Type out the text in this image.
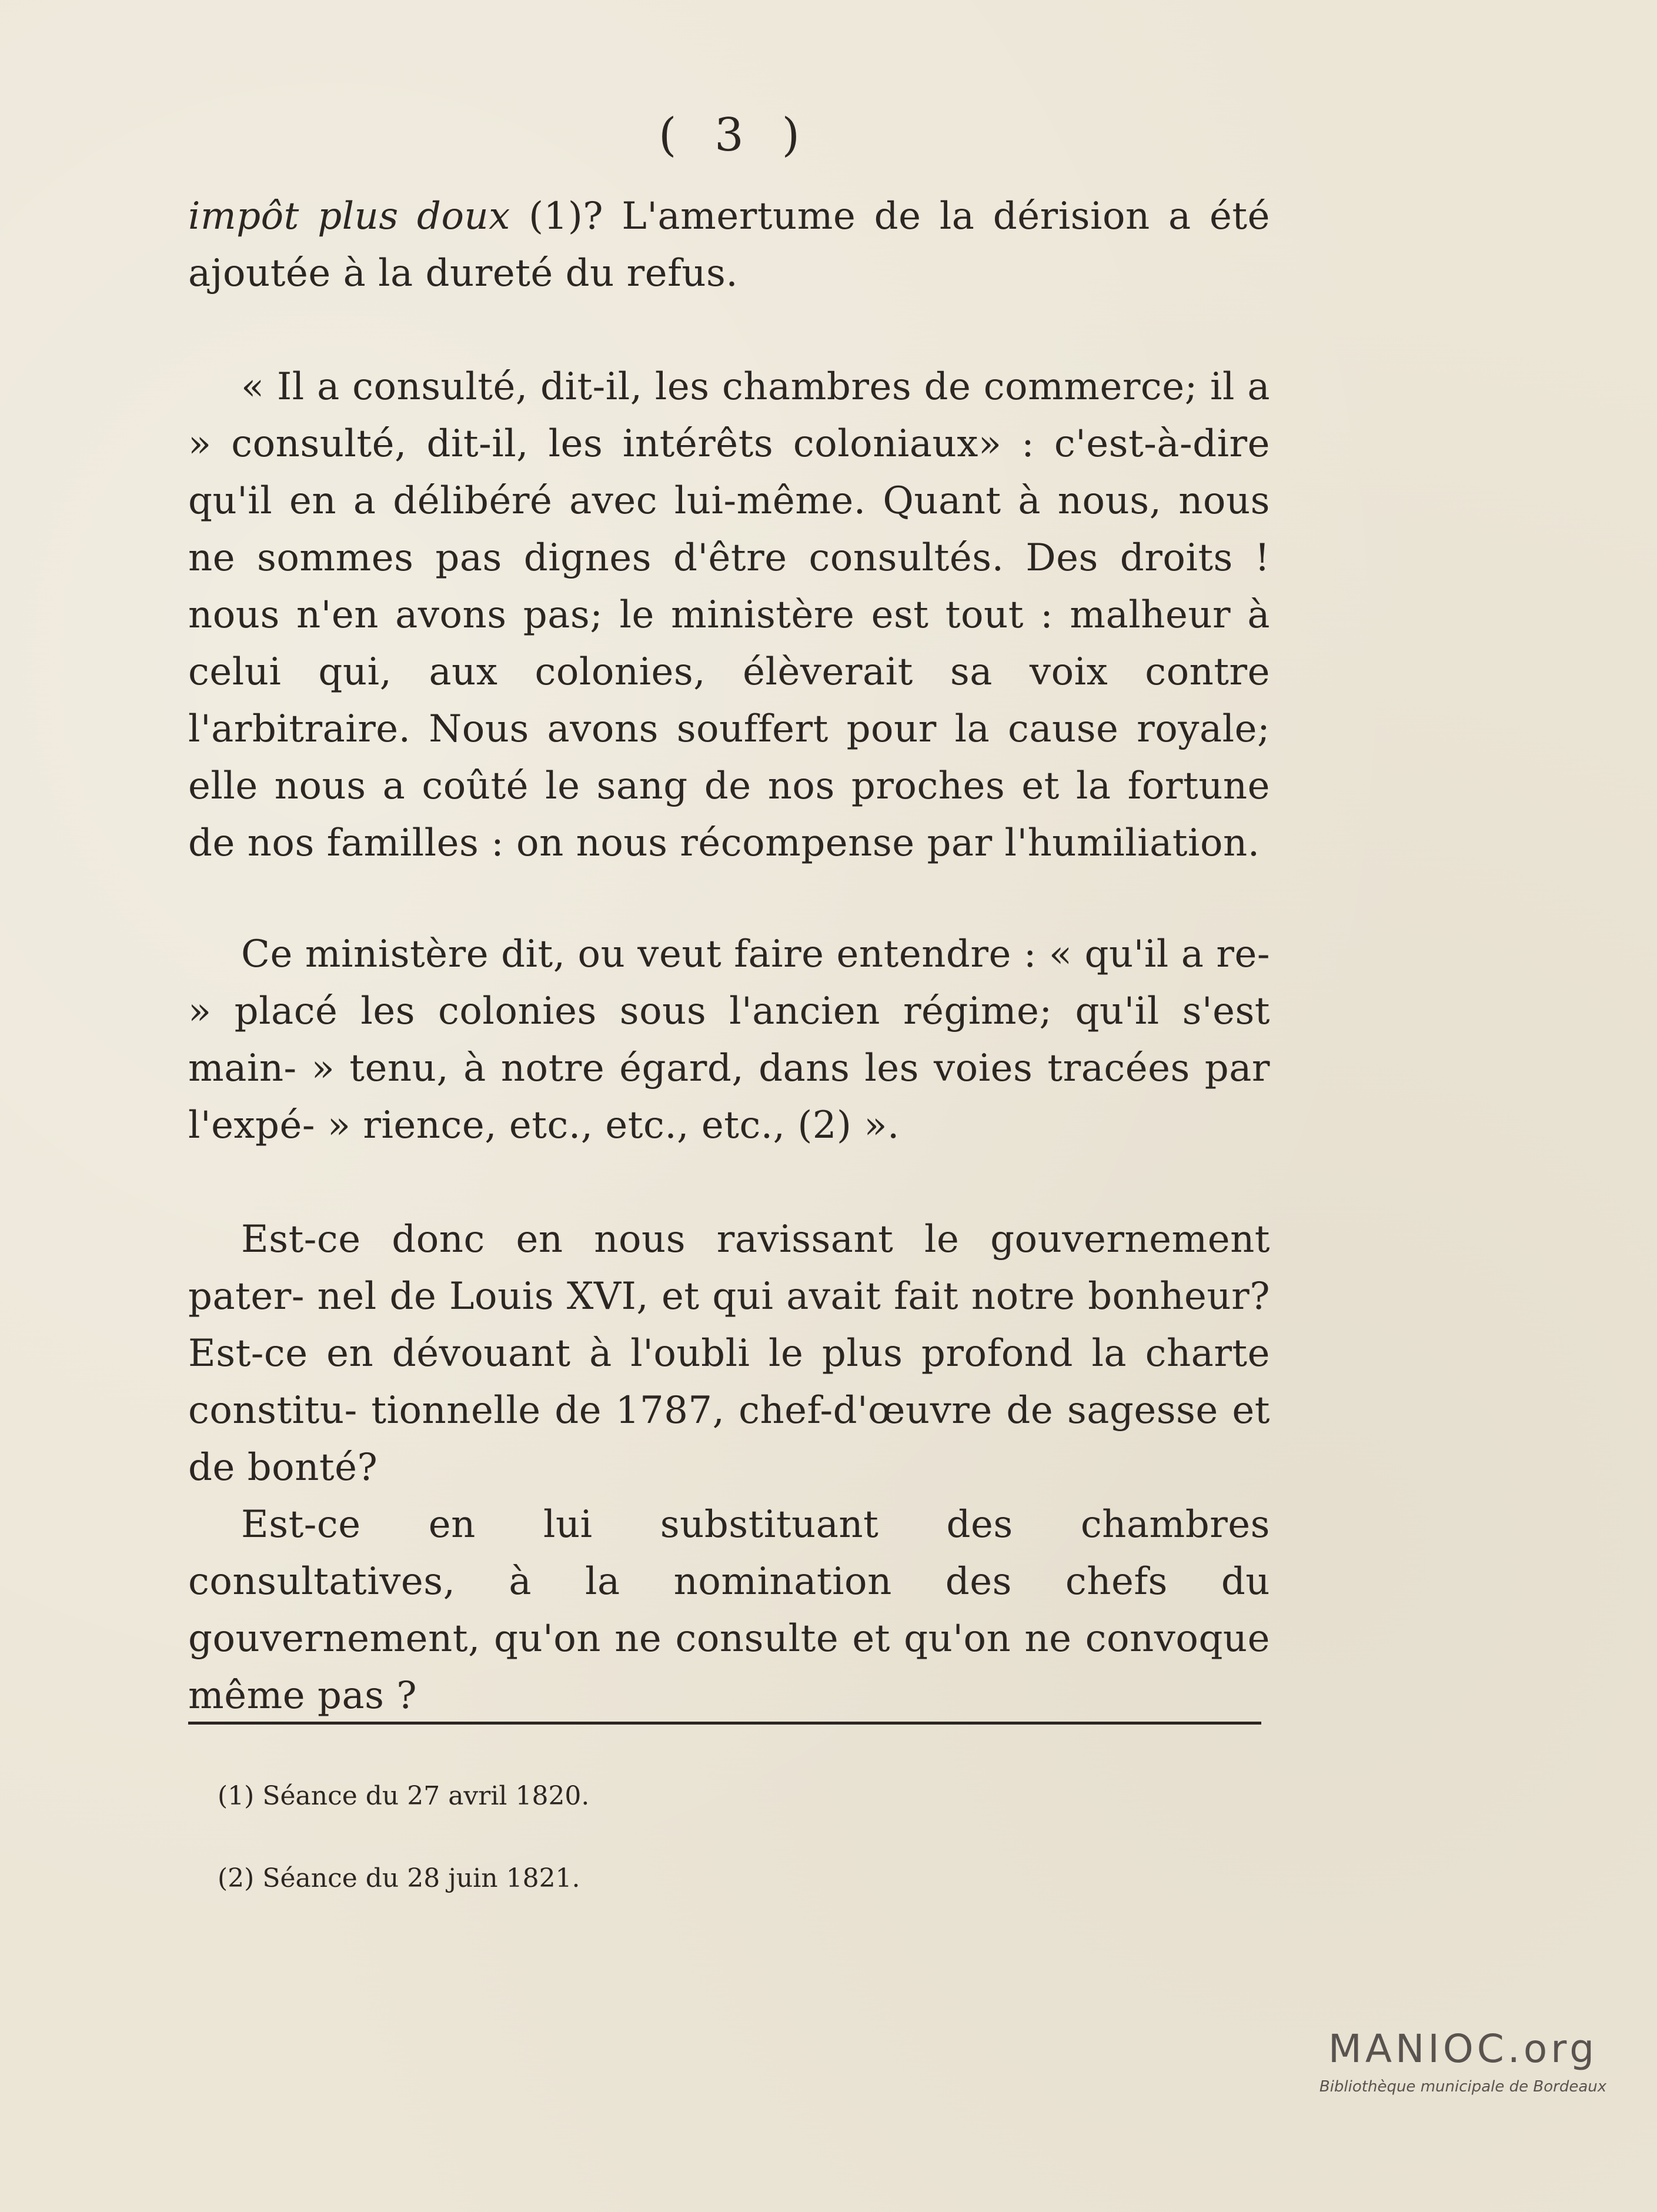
( 3 )

impôt plus doux (1)? L'amertume de la dérision a été ajoutée à la dureté du refus.

« Il a consulté, dit-il, les chambres de commerce; il a » consulté, dit-il, les intérêts coloniaux» : c'est-à-dire qu'il en a délibéré avec lui-même. Quant à nous, nous ne sommes pas dignes d'être consultés. Des droits ! nous n'en avons pas; le ministère est tout : malheur à celui qui, aux colonies, élèverait sa voix contre l'arbitraire. Nous avons souffert pour la cause royale; elle nous a coûté le sang de nos proches et la fortune de nos familles : on nous récompense par l'humiliation.

Ce ministère dit, ou veut faire entendre : « qu'il a re- » placé les colonies sous l'ancien régime; qu'il s'est main- » tenu, à notre égard, dans les voies tracées par l'expé- » rience, etc., etc., etc., (2) ».

Est-ce donc en nous ravissant le gouvernement pater- nel de Louis XVI, et qui avait fait notre bonheur? Est-ce en dévouant à l'oubli le plus profond la charte constitu- tionnelle de 1787, chef-d'œuvre de sagesse et de bonté?

Est-ce en lui substituant des chambres consultatives, à la nomination des chefs du gouvernement, qu'on ne consulte et qu'on ne convoque même pas ?

(1) Séance du 27 avril 1820.
(2) Séance du 28 juin 1821.
MANIOC.org
Bibliothèque municipale de Bordeaux
